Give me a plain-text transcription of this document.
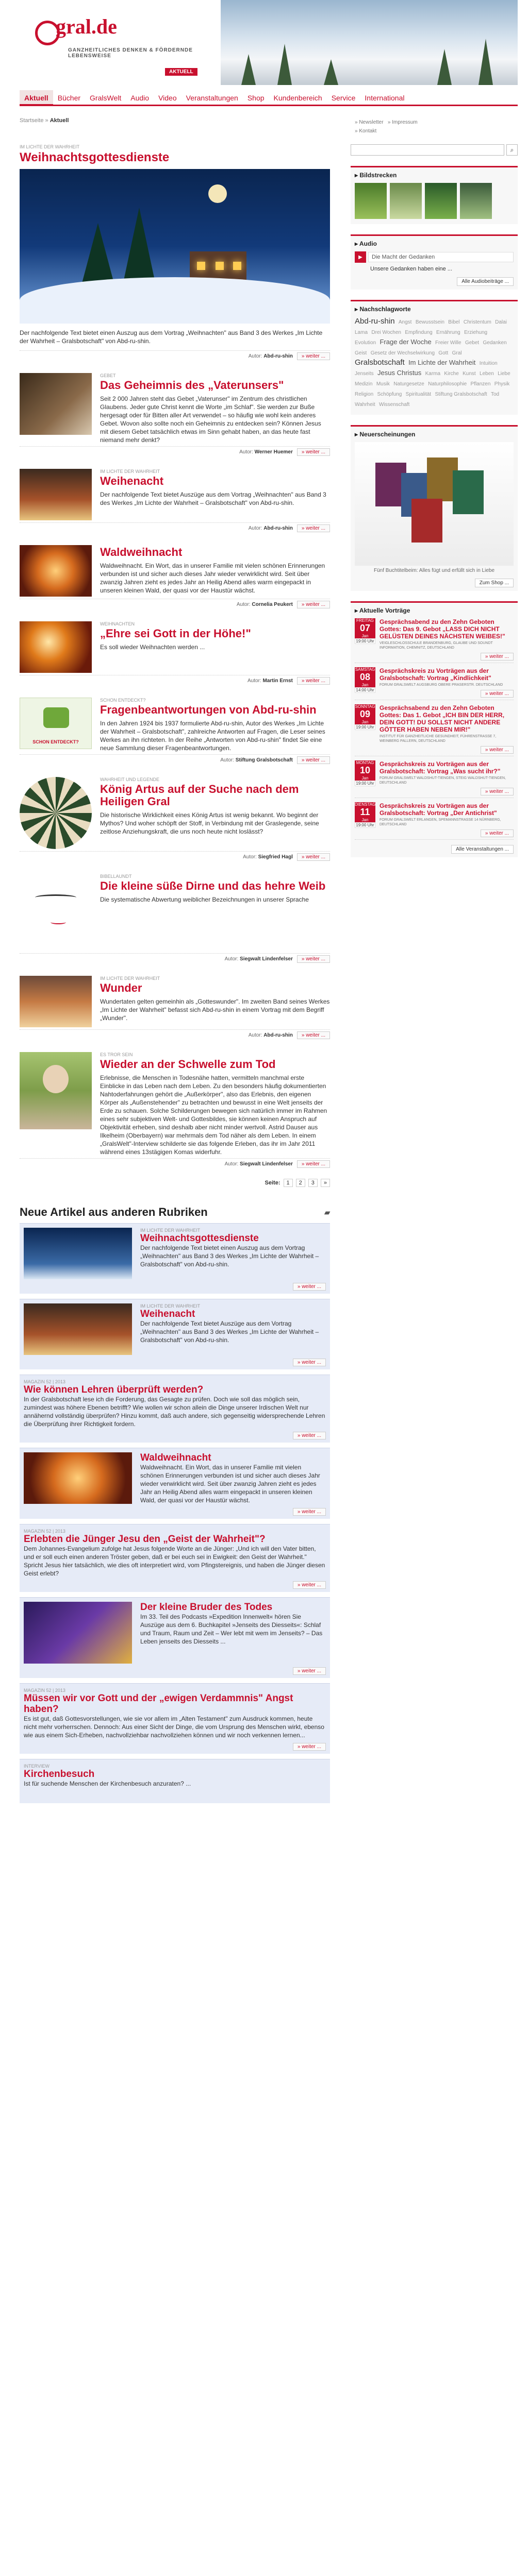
gral.de
GANZHEITLICHES DENKEN & FÖRDERNDE LEBENSWEISE
AKTUELL
Aktuell	Bücher	GralsWelt	Audio	Video	Veranstaltungen	Shop	Kundenbereich	Service	International
Startseite » Aktuell	» Newsletter » Impressum
» Kontakt
IM LICHTE DER WAHRHEIT
Weihnachtsgottesdienste
Der nachfolgende Text bietet einen Auszug aus dem Vortrag „Weihnachten" aus Band 3 des Werkes „Im Lichte der Wahrheit – Gralsbotschaft" von Abd-ru-shin.
Autor: Abd-ru-shin	» weiter ...
GEBET
Das Geheimnis des „Vaterunsers"
Seit 2 000 Jahren steht das Gebet „Vaterunser" im Zentrum des christlichen Glaubens. Jeder gute Christ kennt die Worte „im Schlaf". Sie werden zur Buße hergesagt oder für Bitten aller Art verwendet – so häufig wie wohl kein anderes Gebet. Wovon also sollte noch ein Geheimnis zu entdecken sein? Können Jesus mit diesem Gebet tatsächlich etwas im Sinn gehabt haben, an das heute fast niemand mehr denkt?
Autor: Werner Huemer	» weiter ...
IM LICHTE DER WAHRHEIT
Weihenacht
Der nachfolgende Text bietet Auszüge aus dem Vortrag „Weihnachten" aus Band 3 des Werkes „Im Lichte der Wahrheit – Gralsbotschaft" von Abd-ru-shin.
Autor: Abd-ru-shin	» weiter ...
Waldweihnacht
Waldweihnacht. Ein Wort, das in unserer Familie mit vielen schönen Erinnerungen verbunden ist und sicher auch dieses Jahr wieder verwirklicht wird. Seit über zwanzig Jahren zieht es jedes Jahr an Heilig Abend alles warm eingepackt in unseren kleinen Wald, der quasi vor der Haustür wächst.
Autor: Cornelia Peukert	» weiter ...
WEIHNACHTEN
„Ehre sei Gott in der Höhe!"
Es soll wieder Weihnachten werden ...
Autor: Martin Ernst	» weiter ...
SCHON ENTDECKT?
SCHON ENTDECKT?
Fragenbeantwortungen von Abd-ru-shin
In den Jahren 1924 bis 1937 formulierte Abd-ru-shin, Autor des Werkes „Im Lichte der Wahrheit – Gralsbotschaft", zahlreiche Antworten auf Fragen, die Leser seines Werkes an ihn richteten. In der Reihe „Antworten von Abd-ru-shin" findet Sie eine neue Sammlung dieser Fragenbeantwortungen.
Autor: Stiftung Gralsbotschaft	» weiter ...
WAHRHEIT UND LEGENDE
König Artus auf der Suche nach dem Heiligen Gral
Die historische Wirklichkeit eines König Artus ist wenig bekannt. Wo beginnt der Mythos? Und woher schöpft der Stoff, in Verbindung mit der Graslegende, seine zeitlose Anziehungskraft, die uns noch heute nicht loslässt?
Autor: Siegfried Hagl	» weiter ...
BIBELLAUNDT
Die kleine süße Dirne und das hehre Weib
Die systematische Abwertung weiblicher Bezeichnungen in unserer Sprache
Autor: Siegwalt Lindenfelser	» weiter ...
IM LICHTE DER WAHRHEIT
Wunder
Wundertaten gelten gemeinhin als „Gotteswunder". Im zweiten Band seines Werkes „Im Lichte der Wahrheit" befasst sich Abd-ru-shin in einem Vortrag mit dem Begriff „Wunder".
Autor: Abd-ru-shin	» weiter ...
ES TROR SEIN
Wieder an der Schwelle zum Tod
Erlebnisse, die Menschen in Todesnähe hatten, vermitteln manchmal erste Einblicke in das Leben nach dem Leben. Zu den besonders häufig dokumentierten Nahtoderfahrungen gehört die „Außerkörper", also das Erlebnis, den eigenen Körper als „Außenstehender" zu betrachten und bewusst in eine Welt jenseits der Erde zu schauen. Solche Schilderungen bewegen sich natürlich immer im Rahmen eines sehr subjektiven Welt- und Gottesbildes, sie können keinen Anspruch auf Objektivität erheben, sind deshalb aber nicht minder wertvoll. Astrid Dauser aus Ilkelheim (Oberbayern) war mehrmals dem Tod näher als dem Leben. In einem „GralsWelt"-Interview schilderte sie das folgende Erleben, das ihr im Jahr 2011 während eines 13stägigen Komas widerfuhr.
Autor: Siegwalt Lindenfelser	» weiter ...
Seite:	1	2	3	»
Neue Artikel aus anderen Rubriken	▰
IM LICHTE DER WAHRHEIT
Weihnachtsgottesdienste
Der nachfolgende Text bietet einen Auszug aus dem Vortrag „Weihnachten" aus Band 3 des Werkes „Im Lichte der Wahrheit – Gralsbotschaft" von Abd-ru-shin.
» weiter ...
IM LICHTE DER WAHRHEIT
Weihenacht
Der nachfolgende Text bietet Auszüge aus dem Vortrag „Weihnachten" aus Band 3 des Werkes „Im Lichte der Wahrheit – Gralsbotschaft" von Abd-ru-shin.
» weiter ...
MAGAZIN 52 | 2013
Wie können Lehren überprüft werden?
In der Gralsbotschaft lese ich die Forderung, das Gesagte zu prüfen. Doch wie soll das möglich sein, zumindest was höhere Ebenen betrifft? Wie wollen wir schon allein die Dinge unserer Irdischen Welt nur annähernd vollständig überprüfen? Hinzu kommt, daß auch andere, sich gegenseitig widersprechende Lehren die Überprüfung ihrer Richtigkeit fordern.
» weiter ...
Waldweihnacht
Waldweihnacht. Ein Wort, das in unserer Familie mit vielen schönen Erinnerungen verbunden ist und sicher auch dieses Jahr wieder verwirklicht wird. Seit über zwanzig Jahren zieht es jedes Jahr an Heilig Abend alles warm eingepackt in unseren kleinen Wald, der quasi vor der Haustür wächst.
» weiter ...
MAGAZIN 52 | 2013
Erlebten die Jünger Jesu den „Geist der Wahrheit"?
Dem Johannes-Evangelium zufolge hat Jesus folgende Worte an die Jünger: „Und ich will den Vater bitten, und er soll euch einen anderen Tröster geben, daß er bei euch sei in Ewigkeit: den Geist der Wahrheit." Spricht Jesus hier tatsächlich, wie dies oft interpretiert wird, vom Pfingstereignis, und haben die Jünger diesen Geist erlebt?
» weiter ...
Der kleine Bruder des Todes
Im 33. Teil des Podcasts »Expedition Innenwelt« hören Sie Auszüge aus dem 6. Buchkapitel »Jenseits des Diesseits«: Schlaf und Traum, Raum und Zeit – Wer lebt mit wem im Jenseits? – Das Leben jenseits des Diesseits ...
» weiter ...
MAGAZIN 52 | 2013
Müssen wir vor Gott und der „ewigen Verdammnis" Angst haben?
Es ist gut, daß Gottesvorstellungen, wie sie vor allem im „Alten Testament" zum Ausdruck kommen, heute nicht mehr vorherrschen. Dennoch: Aus einer Sicht der Dinge, die vom Ursprung des Menschen wirkt, ebenso wie aus einem Sich-Erheben, nachvollziehbar nachvollziehen können und wir noch verkennen lernen...
» weiter ...
INTERVIEW
Kirchenbesuch
Ist für suchende Menschen der Kirchenbesuch anzuraten? ...
⌕
▸ Bildstrecken
▸ Audio
▶	Die Macht der Gedanken
Unsere Gedanken haben eine ...
Alle Audiobeiträge ...
▸ Nachschlagworte
Abd-ru-shin Angst Bewusstsein Bibel Christentum Dalai Lama Drei Wochen Empfindung Ernährung Erziehung Evolution Frage der Woche Freier Wille Gebet Gedanken Geist Gesetz der Wechselwirkung Gott Gral Gralsbotschaft Im Lichte der Wahrheit Intuition Jenseits Jesus Christus Karma Kirche Kunst Leben Liebe Medizin Musik Naturgesetze Naturphilosophie Pflanzen Physik Religion Schöpfung Spiritualität Stiftung Gralsbotschaft Tod Wahrheit Wissenschaft
▸ Neuerscheinungen
Fünf Buchtitelbeim: Alles fügt und erfüllt sich in Liebe
Zum Shop ...
▸ Aktuelle Vorträge
FREITAG
07
Jan
19:00 Uhr
Gesprächsabend zu den Zehn Geboten Gottes: Das 9. Gebot „LASS DICH NICHT GELÜSTEN DEINES NÄCHSTEN WEIBES!"
VEIGLESCHLOSSCHULE BRANDENBURG, GLAUBE UND SOUNDT INFORMATION, CHEMNITZ, DEUTSCHLAND
» weiter ...
SAMSTAG
08
Jan
14:00 Uhr
Gesprächskreis zu Vorträgen aus der Gralsbotschaft: Vortrag „Kindlichkeit"
FORUM GRALSWELT AUGSBURG OBERE PRASERSTR. DEUTSCHLAND
» weiter ...
SONNTAG
09
Jan
19:00 Uhr
Gesprächsabend zu den Zehn Geboten Gottes: Das 1. Gebot „ICH BIN DER HERR, DEIN GOTT! DU SOLLST NICHT ANDERE GÖTTER HABEN NEBEN MIR!"
INSTITUT FÜR GANZHEITLICHE GESUNDHEIT, FÜHRENSTRASSE 7, WEINBERG PALLERN, DEUTSCHLAND
» weiter ...
MONTAG
10
Jan
19:00 Uhr
Gesprächskreis zu Vorträgen aus der Gralsbotschaft: Vortrag „Was sucht ihr?"
FORUM GRALSWELT WALDSHUT-TIENGEN, STEIG WALDSHUT-TIENGEN, DEUTSCHLAND
» weiter ...
DIENSTAG
11
Jan
19:00 Uhr
Gesprächskreis zu Vorträgen aus der Gralsbotschaft: Vortrag „Der Antichrist"
FORUM GRALSWELT ERLANGEN, SPEMANNSTRASSE 14 NÜRNBERG, DEUTSCHLAND
» weiter ...
Alle Veranstaltungen ...
